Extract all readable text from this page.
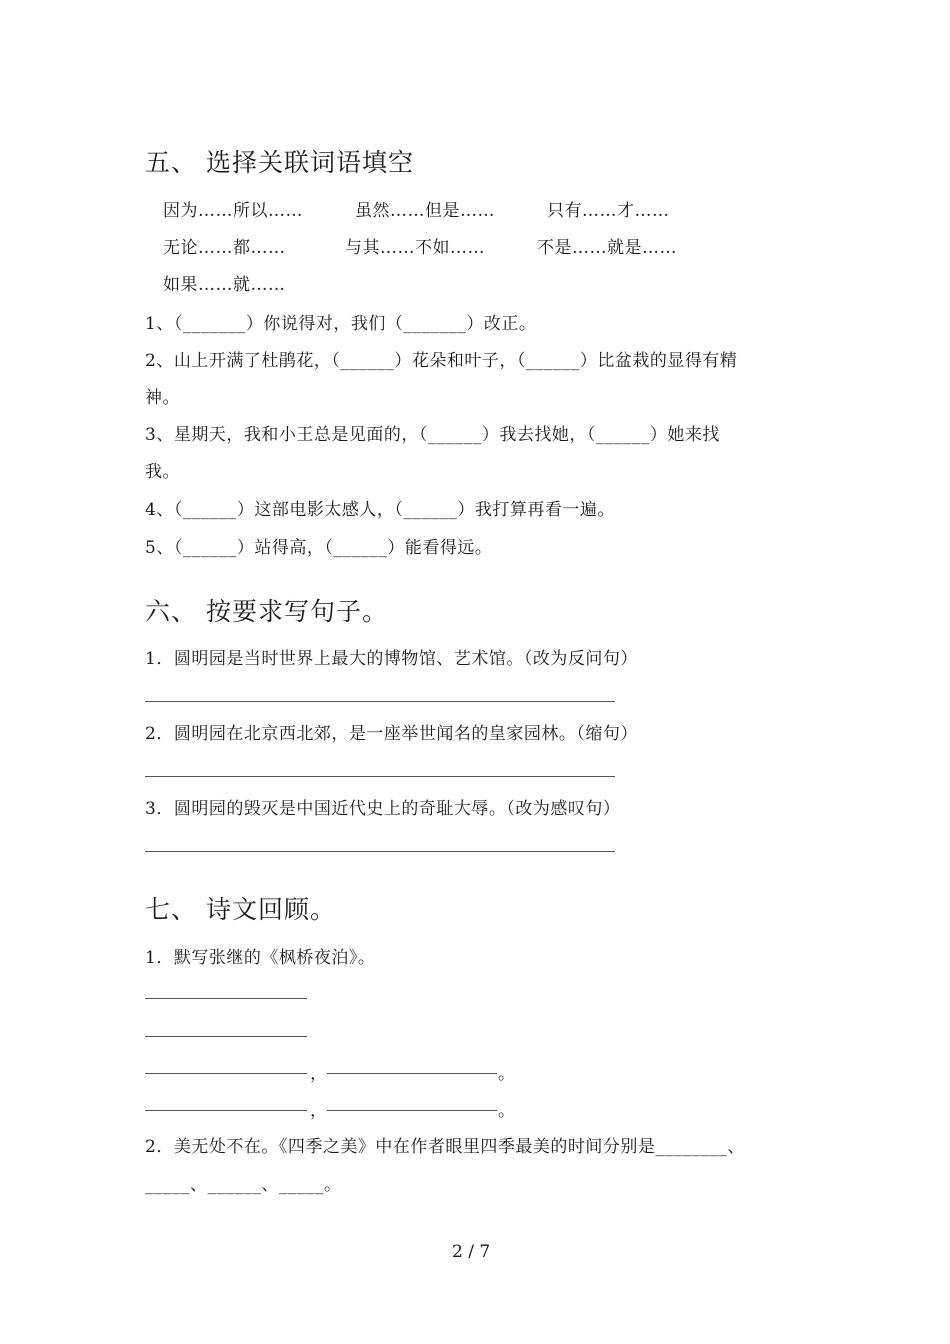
五、 选择关联词语填空
因为……所以……	虽然……但是……	只有……才……
无论……都……	与其……不如……	不是……就是……
如果……就……
1、（_______）你说得对，我们（_______）改正。
2、山上开满了杜鹃花，（______）花朵和叶子，（______）比盆栽的显得有精
神。
3、星期天，我和小王总是见面的，（______）我去找她，（______）她来找
我。
4、（______）这部电影太感人，（______）我打算再看一遍。
5、（______）站得高，（______）能看得远。
六、 按要求写句子。
1．圆明园是当时世界上最大的博物馆、艺术馆。（改为反问句）
2．圆明园在北京西北郊，是一座举世闻名的皇家园林。（缩句）
3．圆明园的毁灭是中国近代史上的奇耻大辱。（改为感叹句）
七、 诗文回顾。
1．默写张继的《枫桥夜泊》。
，	。
，	。
2．美无处不在。《四季之美》中在作者眼里四季最美的时间分别是________、
_____、______、_____。
2 / 7
